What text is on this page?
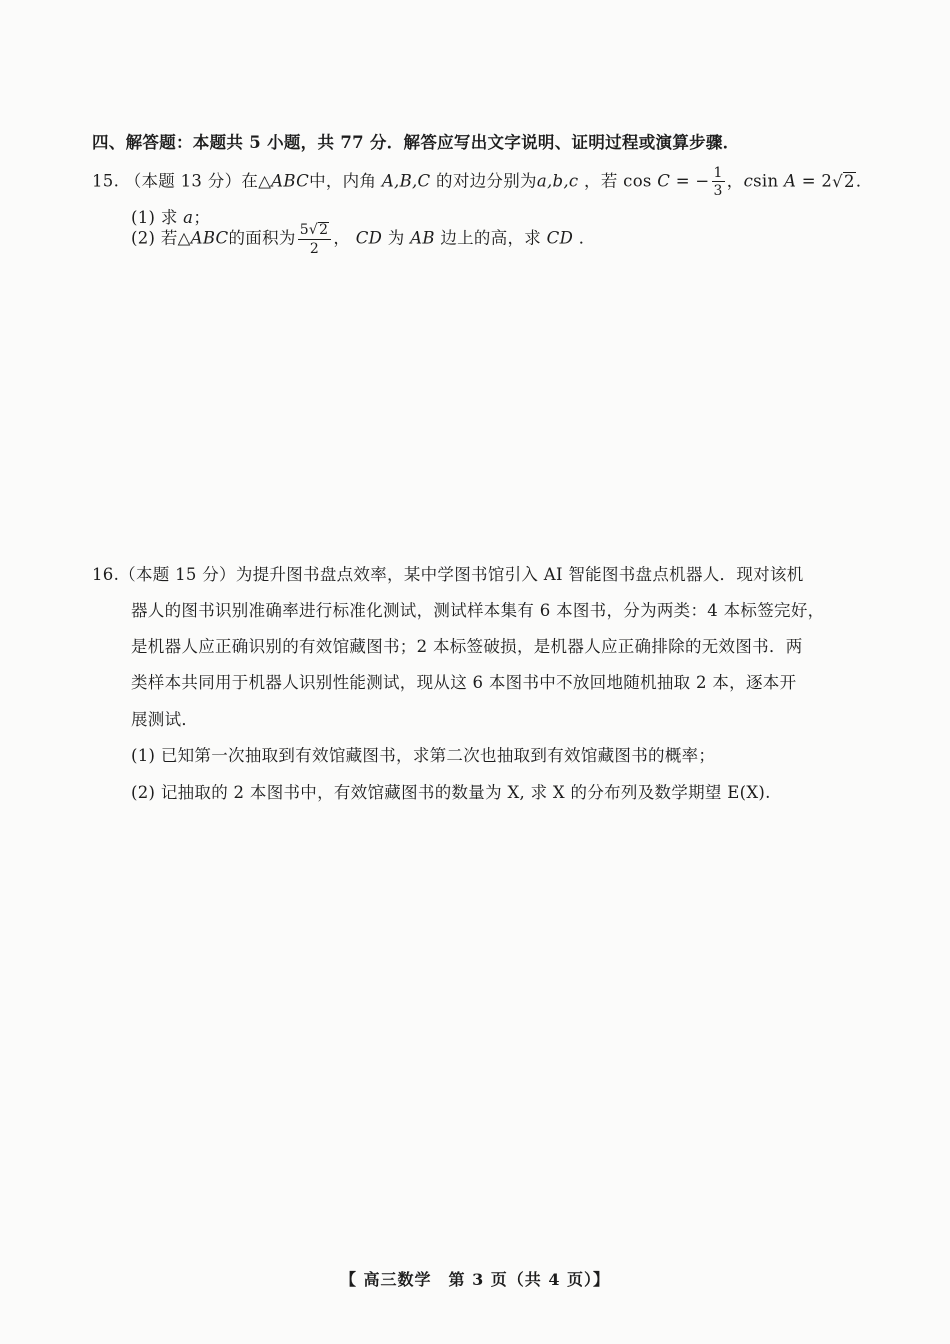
四、解答题：本题共 5 小题，共 77 分．解答应写出文字说明、证明过程或演算步骤．
15. （本题 13 分）在△ABC中，内角 A,B,C 的对边分别为a,b,c ，若 cos C = − $\frac{1}{3}$ ，csin A = 2√2．
(1) 求 a；
(2) 若△ABC的面积为 $\frac{5√2}{2}$ ， CD 为 AB 边上的高，求 CD ．
16.（本题 15 分）为提升图书盘点效率，某中学图书馆引入 AI 智能图书盘点机器人．现对该机
器人的图书识别准确率进行标准化测试，测试样本集有 6 本图书，分为两类：4 本标签完好，
是机器人应正确识别的有效馆藏图书；2 本标签破损，是机器人应正确排除的无效图书．两
类样本共同用于机器人识别性能测试，现从这 6 本图书中不放回地随机抽取 2 本，逐本开
展测试．
(1) 已知第一次抽取到有效馆藏图书，求第二次也抽取到有效馆藏图书的概率；
(2) 记抽取的 2 本图书中，有效馆藏图书的数量为 X, 求 X 的分布列及数学期望 E(X).
【 高三数学　第 3 页（共 4 页）】
